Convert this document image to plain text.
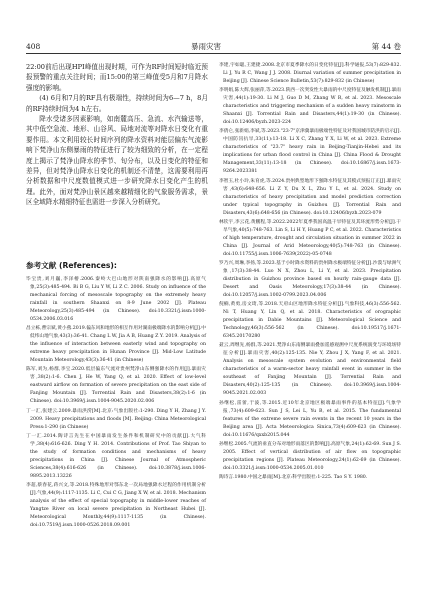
408	暴雨灾害	第 44 卷

22:00前后出现HPI峰值出现时期，可作为RF时间短时临近预报预警的重点关注时间；而15:00的第三峰值受5月和7月降水强度的影响。

(4) 6月和7月的RF具有极端性，持续时间为6—7 h，8月的RF持续时间为4 h左右。

降水受诸多因素影响，如南麓高压、急流、水汽输送等，其中低空急流、地形、山谷风、局地对流等对降水日变化有重要作用。本文利用较长时间序列的降水资料对能层偏东气流影响下梵净山东侧暴雨的特征进行了较为细致的分析，在一定程度上揭示了梵净山降水的季节、旬分布，以及日变化的特征和差异，但对梵净山降水日变化的机制还不清楚，这需要利用再分析数据和中尺度数值模式进一步研究降水日变化产生的机理。此外，面对梵净山景区越来越精细化的气象服务需求，景区全域降水精细特征也需进一步深入分析研究。

参考文献 (References):
毕宝贵,刘月巍,李泽椿.2006.秦岭大巴山地形对陕南强降水的影响[J].高原气象,25(3):485-494. Bi B G, Liu Y W, Li Z C. 2006. Study on influence of the mechanical forcing of mesoscale topography on the extremely heavy rainfall in southern Shaanxi on 8-9 June 2002 [J]. Plateau Meteorology,25(3):485-494 (in Chinese). doi:10.3321/j.issn:1000-0534.2006.03.016
昌立栋,曹宗斌,黄小燕.2019.偏东风和地形的相互作用对湖南极端降水的影响分析[J].中低纬山地气象,43(3):36-41. Chang L W, Jia A B, Huang Z Y. 2019. Analysis of the influence of interaction between easterly wind and topography on extreme heavy precipitation in Hunan Province [J]. Mid-Low Latitude Mountain Meteorology,43(3):36-41 (in Chinese)
陈军,刘为,杨群,李宝.2020.低层偏东气流对贵州梵净山东侧强降水的作用[J].暴雨灾害,38(2):1-6. Chen J, He W, Yang Q, et al. 2020. Effect of low-level eastward airflow on formation of severe precipitation on the east side of Fanjing Mountain [J]. Torrential Rain and Disasters,38(2):1-6 (in Chinese). doi:10.3969/j.issn.1004-9045.2020.02.006
丁一汇,张建云.2009.暴雨洪涝[M].北京:气象出版社:1-290. Ding Y H, Zhang J Y. 2009. Heavy precipitations and floods [M]. Beijing: China Meteorological Press:1-290 (in Chinese)
丁一汇.2014.陶诗言先生在中国暴雨发生条件和机制研究中的贡献[J].大气科学,38(4):616-626. Ding Y H. 2014. Contributions of Prof. Tao Shiyan to the study of formation conditions and mechanisms of heavy precipitations in China [J]. Chinese Journal of Atmospheric Sciences,38(4):616-626 (in Chinese). doi:10.3878/j.issn.1006-9895.2013.13226
李超,蔡春花,蒋兴文,等.2018.特殊地形对鄂东北一次局地强降水过程的作用机制分析[J].气象,44(9):1117-1135. Li C, Cui C G, Jiang X W, et al. 2018. Mechanism analysis of the effect of special topography in middle-lower reaches of Yangtze River on local severe precipitation in Northeast Hubei [J]. Meteorological Monthly,44(9):1117-1135 (in Chinese). doi:10.7519/j.issn.1000-0526.2018.09.001
李建,宇如聪,王建捷.2008.北京市夏季降水的日变化特征[J].科学通报,53(7):829-832. Li J, Yu R C, Wang J J. 2008. Diurnal variation of summer precipitation in Beijing [J]. Chinese Science Bulletin,53(7):829-832 (in Chinese)
李明娟,陈大辉,张丽萍,等.2023.陕西一次突发性大暴雨的中尺度特征及触发机制[J].暴雨灾害,44(1):19-30. Li M J, Guo D M, Zhang W R, et al. 2023. Mesoscale characteristics and triggering mechanism of a sudden heavy rainstorm in Shaanxi [J]. Torrential Rain and Disasters,44(1):19-30 (in Chinese). doi:10.12406/byzh.2023-224
李倩仑,张新娟,李斌,等.2023."23·7"京津冀暴雨极端性特征及对我国城市防洪的启示[J].中国防汛抗旱,33(11):13-18. Li X C, Zhang Y X, Li W, et al. 2023. Extreme characteristics of "23.7" heavy rain in Beijing-Tianjin-Hebei and its implications for urban flood control in China [J]. China Flood & Drought Management,33(11):13-18 (in Chinese). doi:10.16867/j.issn.1673-9264.2023381
李智玉,杜小玲,朱育虎,等.2024.贵州典型地形下强降水特征及其模式预报订正[J].暴雨灾害,43(6):648-656. Li Z Y, Du X L, Zhu Y L, et al. 2024. Study on characteristics of heavy precipitation and model prediction correction under typical topography in Guizhou [J]. Torrential Rain and Disasters,43(6):648-656 (in Chinese). doi:10.12406/byzh.2023-079
林钦宇,李云花,黄鹏程,等.2022.2022年夏季我国高温干旱特征及其环流形势分析[J].干旱气象,40(5):748-763. Lin S, Li H Y, Huang P C, et al. 2022. Characteristics of high temperature, drought and circulation situation in summer 2022 in China [J]. Journal of Arid Meteorology,40(5):748-763 (in Chinese). doi:10.11755/j.issn.1006-7639(2022)-05-0748
罗乃兴,周琳,李扬,等.2023.基于小时降水资料的贵州降水极端特征分析[J].沙漠与绿洲气象,17(3):38-44. Luo N X, Zhou L, Li Y, et al. 2023. Precipitation distribution in Guizhou province based on hourly rain-gauge data [J]. Desert and Oasis Meteorology,17(3):38-44 (in Chinese). doi:10.12057/j.issn.1002-0799.2023.04.006
倪楠,黄勇,房文琦,等.2018.天府山区地形降水特征分析[J].气象科技,46(3):556-562. Ni T, Huang Y, Lin Q, et al. 2018. Characteristics of orographic precipitation in Dabie Mountains [J]. Meteorological Science and Technology,46(3):556-562 (in Chinese). doi:10.19517/j.1671-6345.20170280
聂云,周继先,杨群,等.2021.梵净山东南侧暴雨叠加遥感观测中尺度系统演变与环境场特征分析[J].暴雨灾害,40(2):125-135. Nie Y, Zhou J X, Yang F, et al. 2021. Analysis on mesoscale system evolution and environmental field characteristics of a warm-sector heavy rainfall event in summer in the southeast of Fanjing Mountain [J]. Torrential Rain and Disasters,40(2):125-135 (in Chinese). doi:10.3969/j.issn.1004-9045.2021.02.003
孙继松,雷蕾,于波,等.2015.近10年北京地区极端暴雨事件的基本特征[J].气象学报,73(4):609-623. Sun J S, Lei L, Yu B, et al. 2015. The fundamental features of the extreme severe rain events in the recent 10 years in the Beijing area [J]. Acta Meteorologica Sinica,73(4):609-623 (in Chinese). doi:10.11676/qxxb2015.044
孙继松.2005.气流的垂直分布对地形雨落区的影响[J].高原气象,24(1):62-69. Sun J S. 2005. Effect of vertical distribution of air flow on topographic precipitation regions [J]. Plateau Meteorology,24(1):62-69 (in Chinese). doi:10.3321/j.issn:1000-0534.2005.01.010
陶诗言.1980.中国之暴雨[M].北京:科学出版社:1-225. Tao S Y. 1980.
